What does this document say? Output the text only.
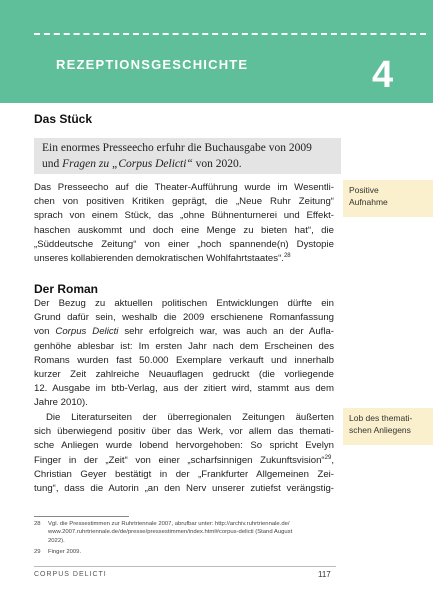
REZEPTIONSGESCHICHTE	4
Das Stück
Ein enormes Presseecho erfuhr die Buchausgabe von 2009
und Fragen zu „Corpus Delicti“ von 2020.
Das Presseecho auf die Theater-Aufführung wurde im Wesentli-
chen von positiven Kritiken geprägt, die „Neue Ruhr Zeitung“
sprach von einem Stück, das „ohne Bühnenturnerei und Effekt-
haschen auskommt und doch eine Menge zu bieten hat“, die
„Süddeutsche Zeitung“ von einer „hoch spannende(n) Dystopie
unseres kollabierenden demokratischen Wohlfahrtstaates“.$^{28}$
Der Roman
Der Bezug zu aktuellen politischen Entwicklungen dürfte ein
Grund dafür sein, weshalb die 2009 erschienene Romanfassung
von Corpus Delicti sehr erfolgreich war, was auch an der Aufla-
genhöhe ablesbar ist: Im ersten Jahr nach dem Erscheinen des
Romans wurden fast 50.000 Exemplare verkauft und innerhalb
kurzer Zeit zahlreiche Neuauflagen gedruckt (die vorliegende
12. Ausgabe im btb-Verlag, aus der zitiert wird, stammt aus dem
Jahre 2010).
Die Literaturseiten der überregionalen Zeitungen äußerten
sich überwiegend positiv über das Werk, vor allem das themati-
sche Anliegen wurde lobend hervorgehoben: So spricht Evelyn
Finger in der „Zeit“ von einer „scharfsinnigen Zukunftsvision“$^{29}$,
Christian Geyer bestätigt in der „Frankfurter Allgemeinen Zei-
tung“, dass die Autorin „an den Nerv unserer zutiefst verängstig-
Positive
Aufnahme
Lob des themati-
schen Anliegens
28	Vgl. die Pressestimmen zur Ruhrtriennale 2007, abrufbar unter: http://archiv.ruhrtriennale.de/
www.2007.ruhrtriennale.de/de/presse/pressestimmen/index.html#corpus-delicti (Stand August
2022).
29	Finger 2009.
CORPUS DELICTI	117
